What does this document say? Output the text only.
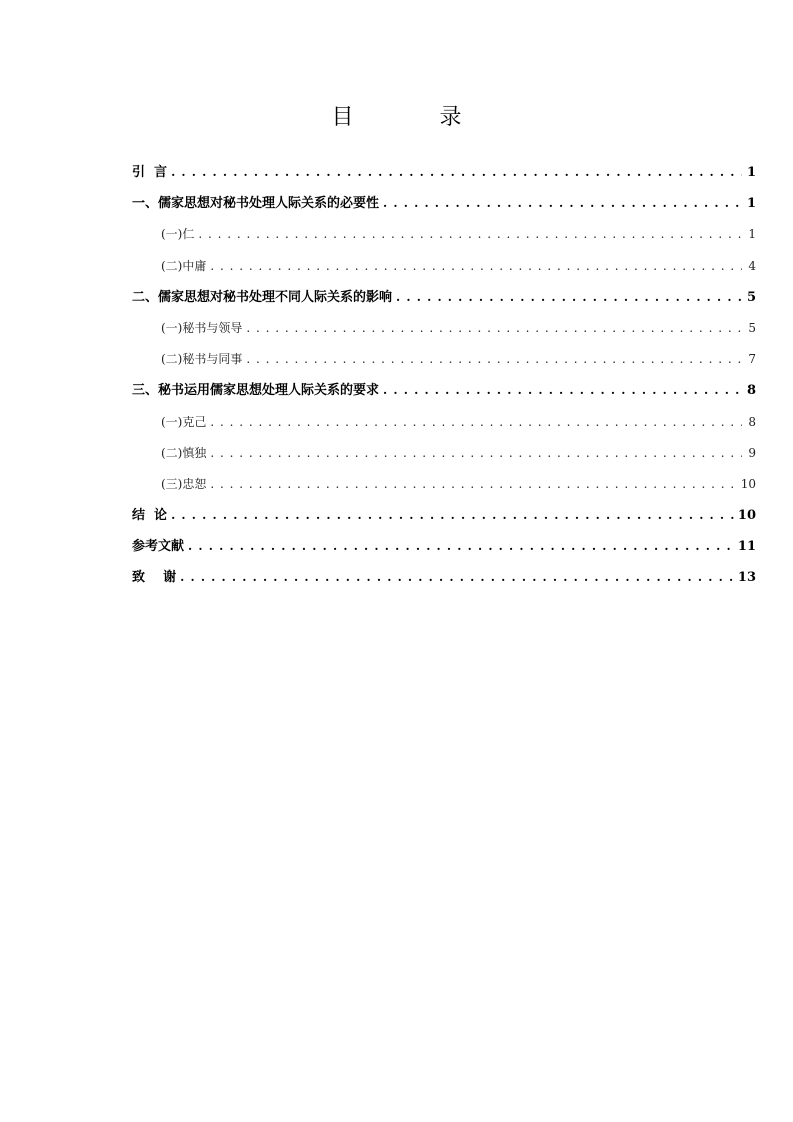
目  录
引  言 . . .	1
一、儒家思想对秘书处理人际关系的必要性 . . .	1
(一)仁 . . .	1
(二)中庸 . . .	4
二、儒家思想对秘书处理不同人际关系的影响 . . .	5
(一)秘书与领导 . . .	5
(二)秘书与同事 . . .	7
三、秘书运用儒家思想处理人际关系的要求 . . .	8
(一)克己 . . .	8
(二)慎独 . . .	9
(三)忠恕 . . .	10
结  论 . . .	10
参考文献 . . .	11
致    谢 . . .	13
